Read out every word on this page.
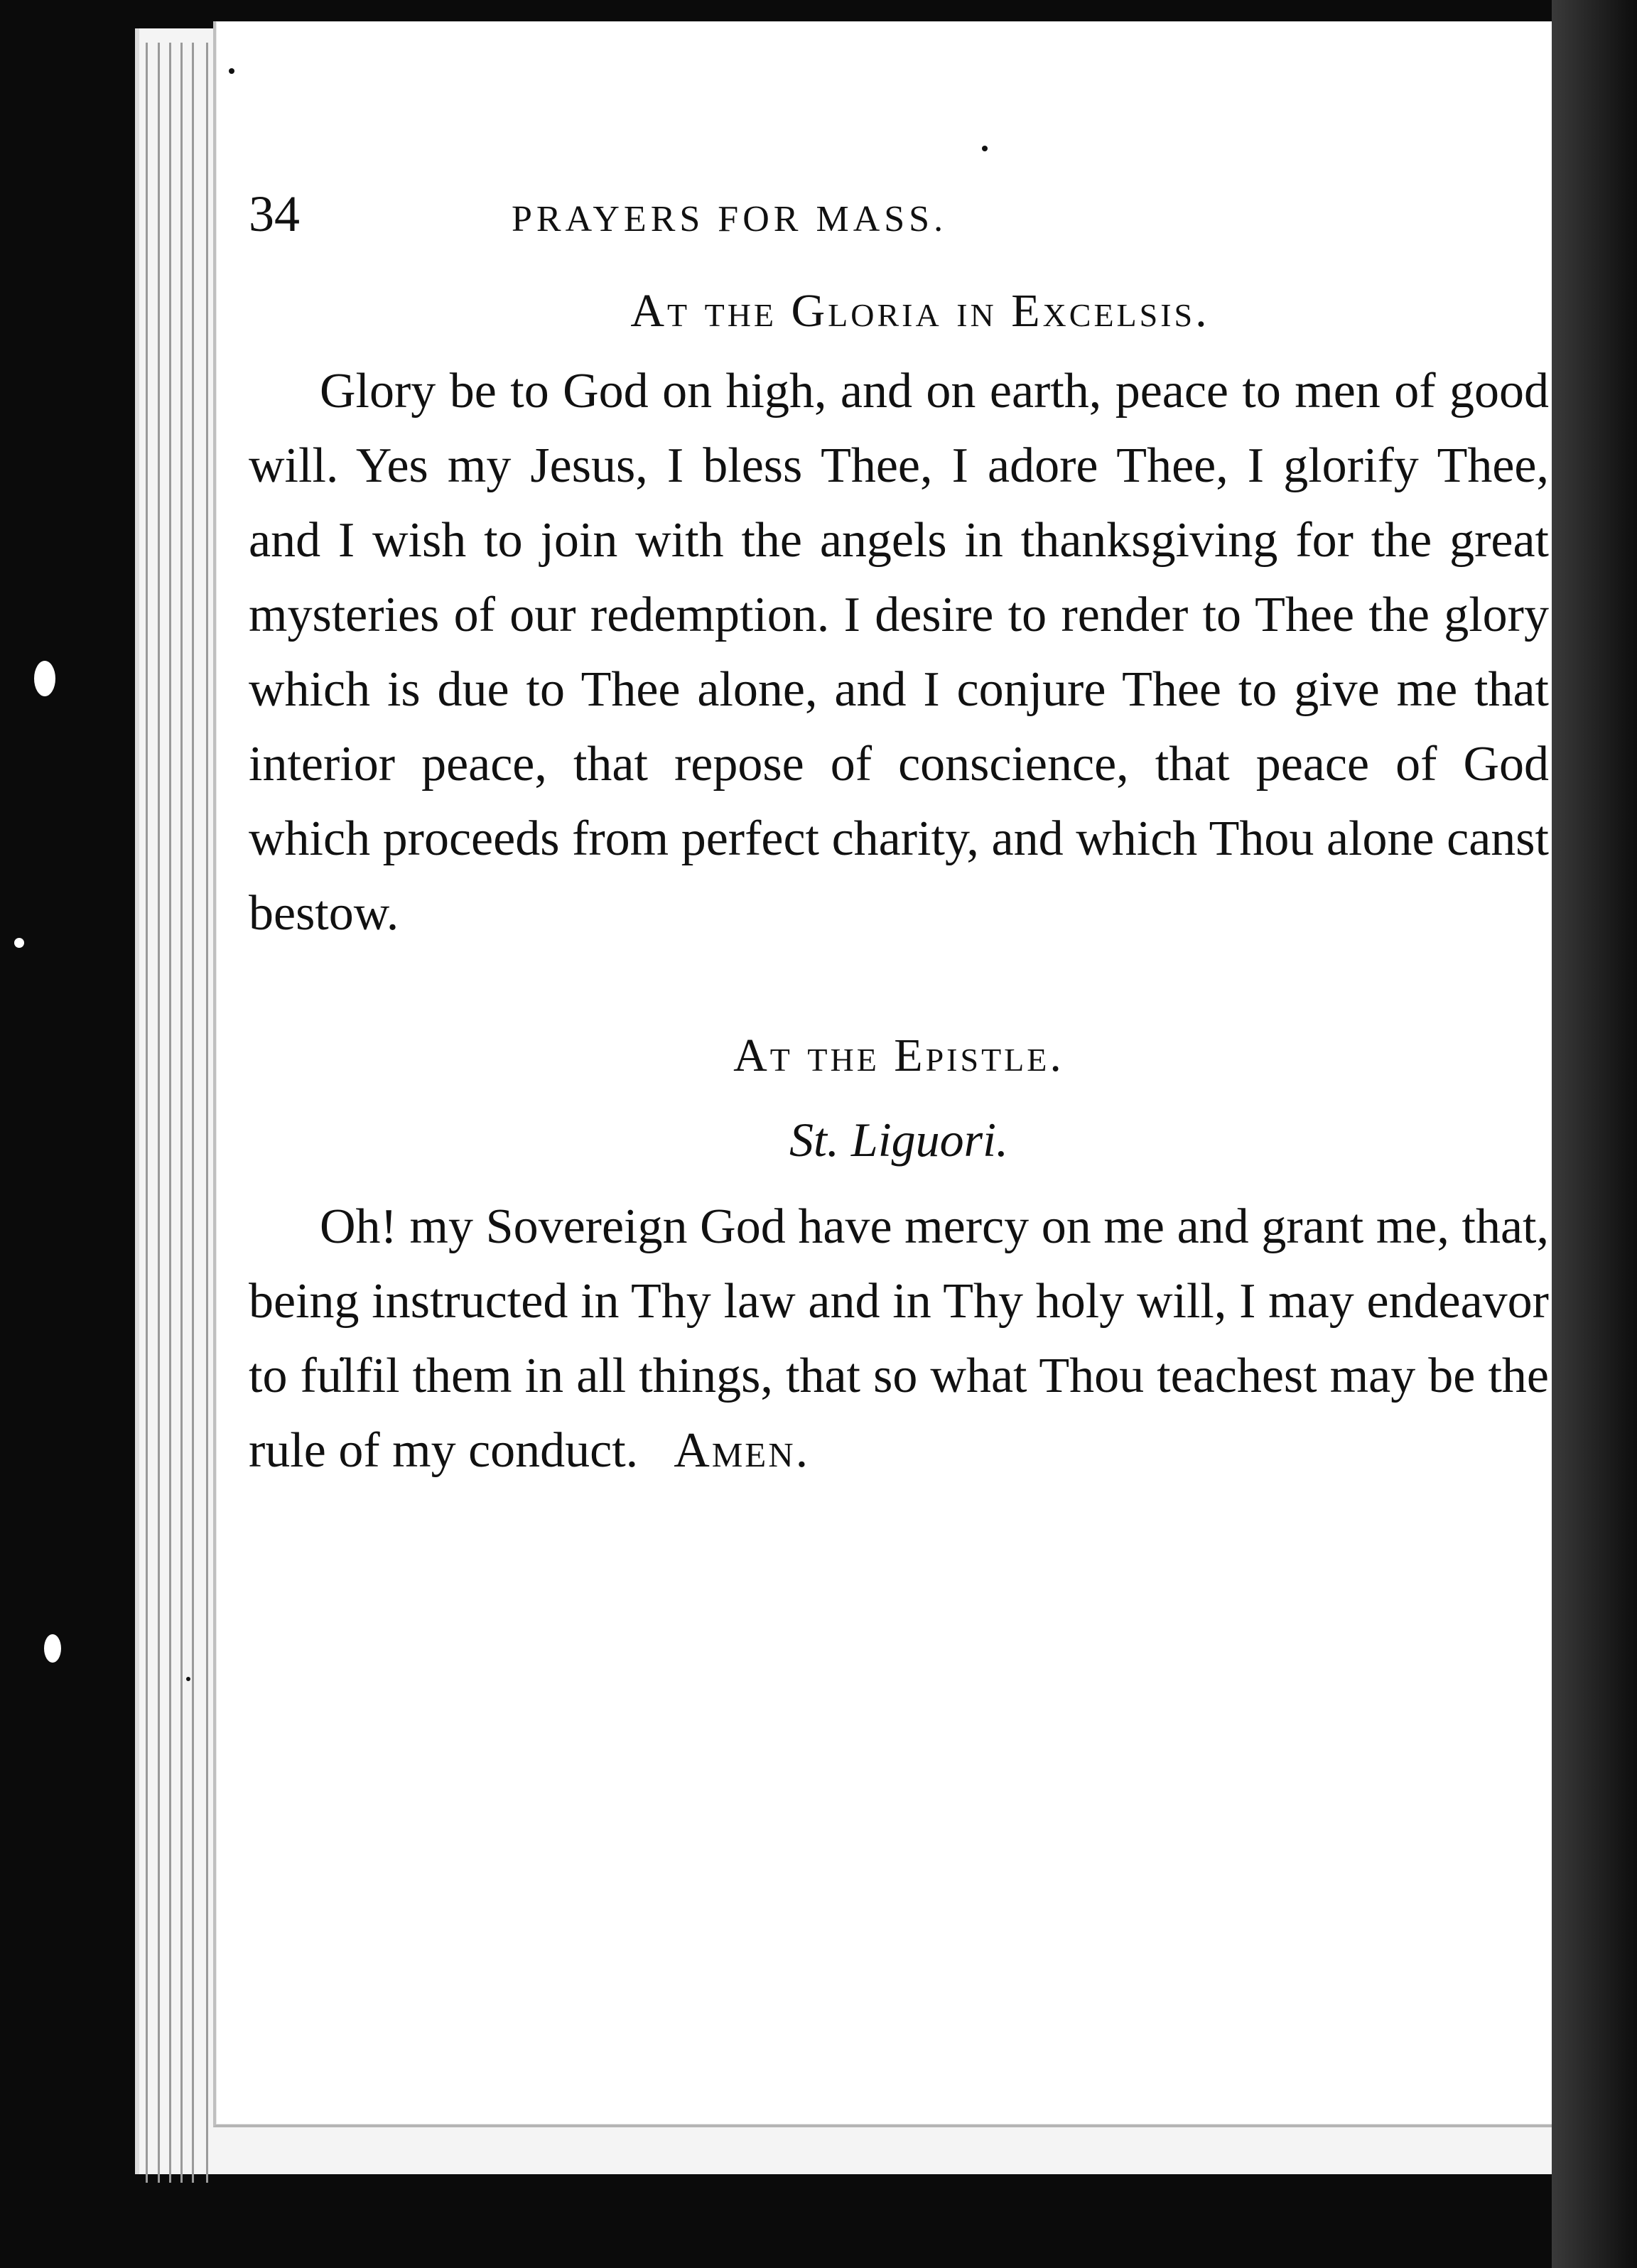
34	PRAYERS FOR MASS.
At the Gloria in Excelsis.

Glory be to God on high, and on earth, peace to men of good will. Yes my Jesus, I bless Thee, I adore Thee, I glorify Thee, and I wish to join with the angels in thanksgiving for the great mysteries of our redemption. I desire to render to Thee the glory which is due to Thee alone, and I conjure Thee to give me that interior peace, that repose of conscience, that peace of God which proceeds from perfect charity, and which Thou alone canst bestow.

At the Epistle.
St. Liguori.

Oh! my Sovereign God have mercy on me and grant me, that, being instructed in Thy law and in Thy holy will, I may endeavor to fulfil them in all things, that so what Thou teachest may be the rule of my conduct. Amen.
